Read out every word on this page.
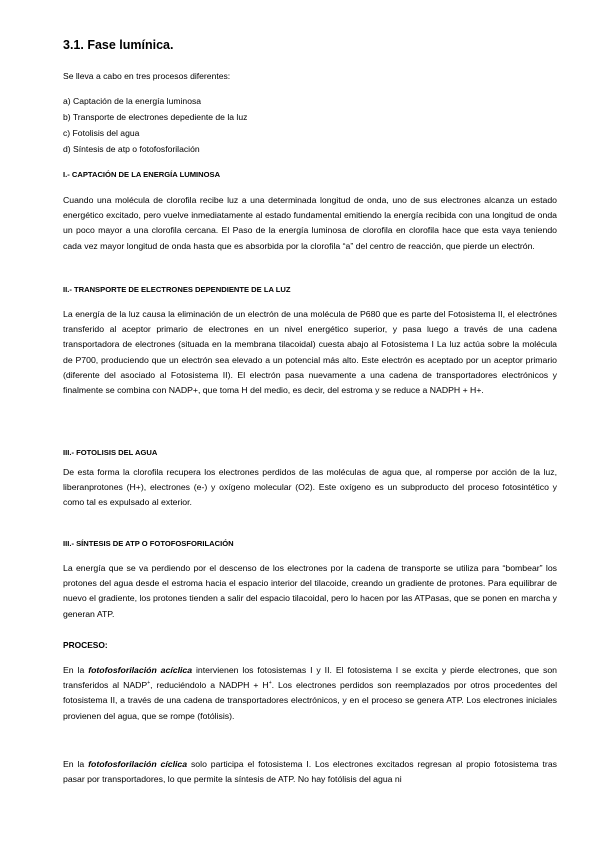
3.1. Fase lumínica.
Se lleva a cabo en tres procesos diferentes:
a) Captación de la energía luminosa
b) Transporte de electrones depediente de la luz
c) Fotolisis del agua
d) Síntesis de atp o fotofosforilación
I.- CAPTACIÓN DE LA ENERGÍA LUMINOSA
Cuando una molécula de clorofila recibe luz a una determinada longitud de onda, uno de sus electrones alcanza un estado energético excitado, pero vuelve inmediatamente al estado fundamental emitiendo la energía recibida con una longitud de onda un poco mayor a una clorofila cercana. El Paso de la energía luminosa de clorofila en clorofila hace que esta vaya teniendo cada vez mayor longitud de onda hasta que es absorbida por la clorofila “a” del centro de reacción, que pierde un electrón.
II.- TRANSPORTE DE ELECTRONES DEPENDIENTE DE LA LUZ
La energía de la luz causa la eliminación de un electrón de una molécula de P680 que es parte del Fotosistema II, el electrónes transferido al aceptor primario de electrones en un nivel energético superior, y pasa luego a través de una cadena transportadora de electrones (situada en la membrana tilacoidal) cuesta abajo al Fotosistema I La luz actúa sobre la molécula de P700, produciendo que un electrón sea elevado a un potencial más alto. Este electrón es aceptado por un aceptor primario (diferente del asociado al Fotosistema II). El electrón pasa nuevamente a una cadena de transportadores electrónicos y finalmente se combina con NADP+, que toma H del medio, es decir, del estroma y se reduce a NADPH + H+.
III.- FOTOLISIS DEL AGUA
De esta forma la clorofila recupera los electrones perdidos de las moléculas de agua que, al romperse por acción de la luz, liberanprotones (H+), electrones (e-) y oxígeno molecular (O2). Este oxígeno es un subproducto del proceso fotosintético y como tal es expulsado al exterior.
III.- SÍNTESIS DE ATP O FOTOFOSFORILACIÓN
La energía que se va perdiendo por el descenso de los electrones por la cadena de transporte se utiliza para “bombear” los protones del agua desde el estroma hacia el espacio interior del tilacoide, creando un gradiente de protones. Para equilibrar de nuevo el gradiente, los protones tienden a salir del espacio tilacoidal, pero lo hacen por las ATPasas, que se ponen en marcha y generan ATP.
PROCESO:
En la fotofosforilación acíclica intervienen los fotosistemas I y II. El fotosistema I se excita y pierde electrones, que son transferidos al NADP+, reduciéndolo a NADPH + H+. Los electrones perdidos son reemplazados por otros procedentes del fotosistema II, a través de una cadena de transportadores electrónicos, y en el proceso se genera ATP. Los electrones iniciales provienen del agua, que se rompe (fotólisis).
En la fotofosforilación cíclica solo participa el fotosistema I. Los electrones excitados regresan al propio fotosistema tras pasar por transportadores, lo que permite la síntesis de ATP. No hay fotólisis del agua ni
